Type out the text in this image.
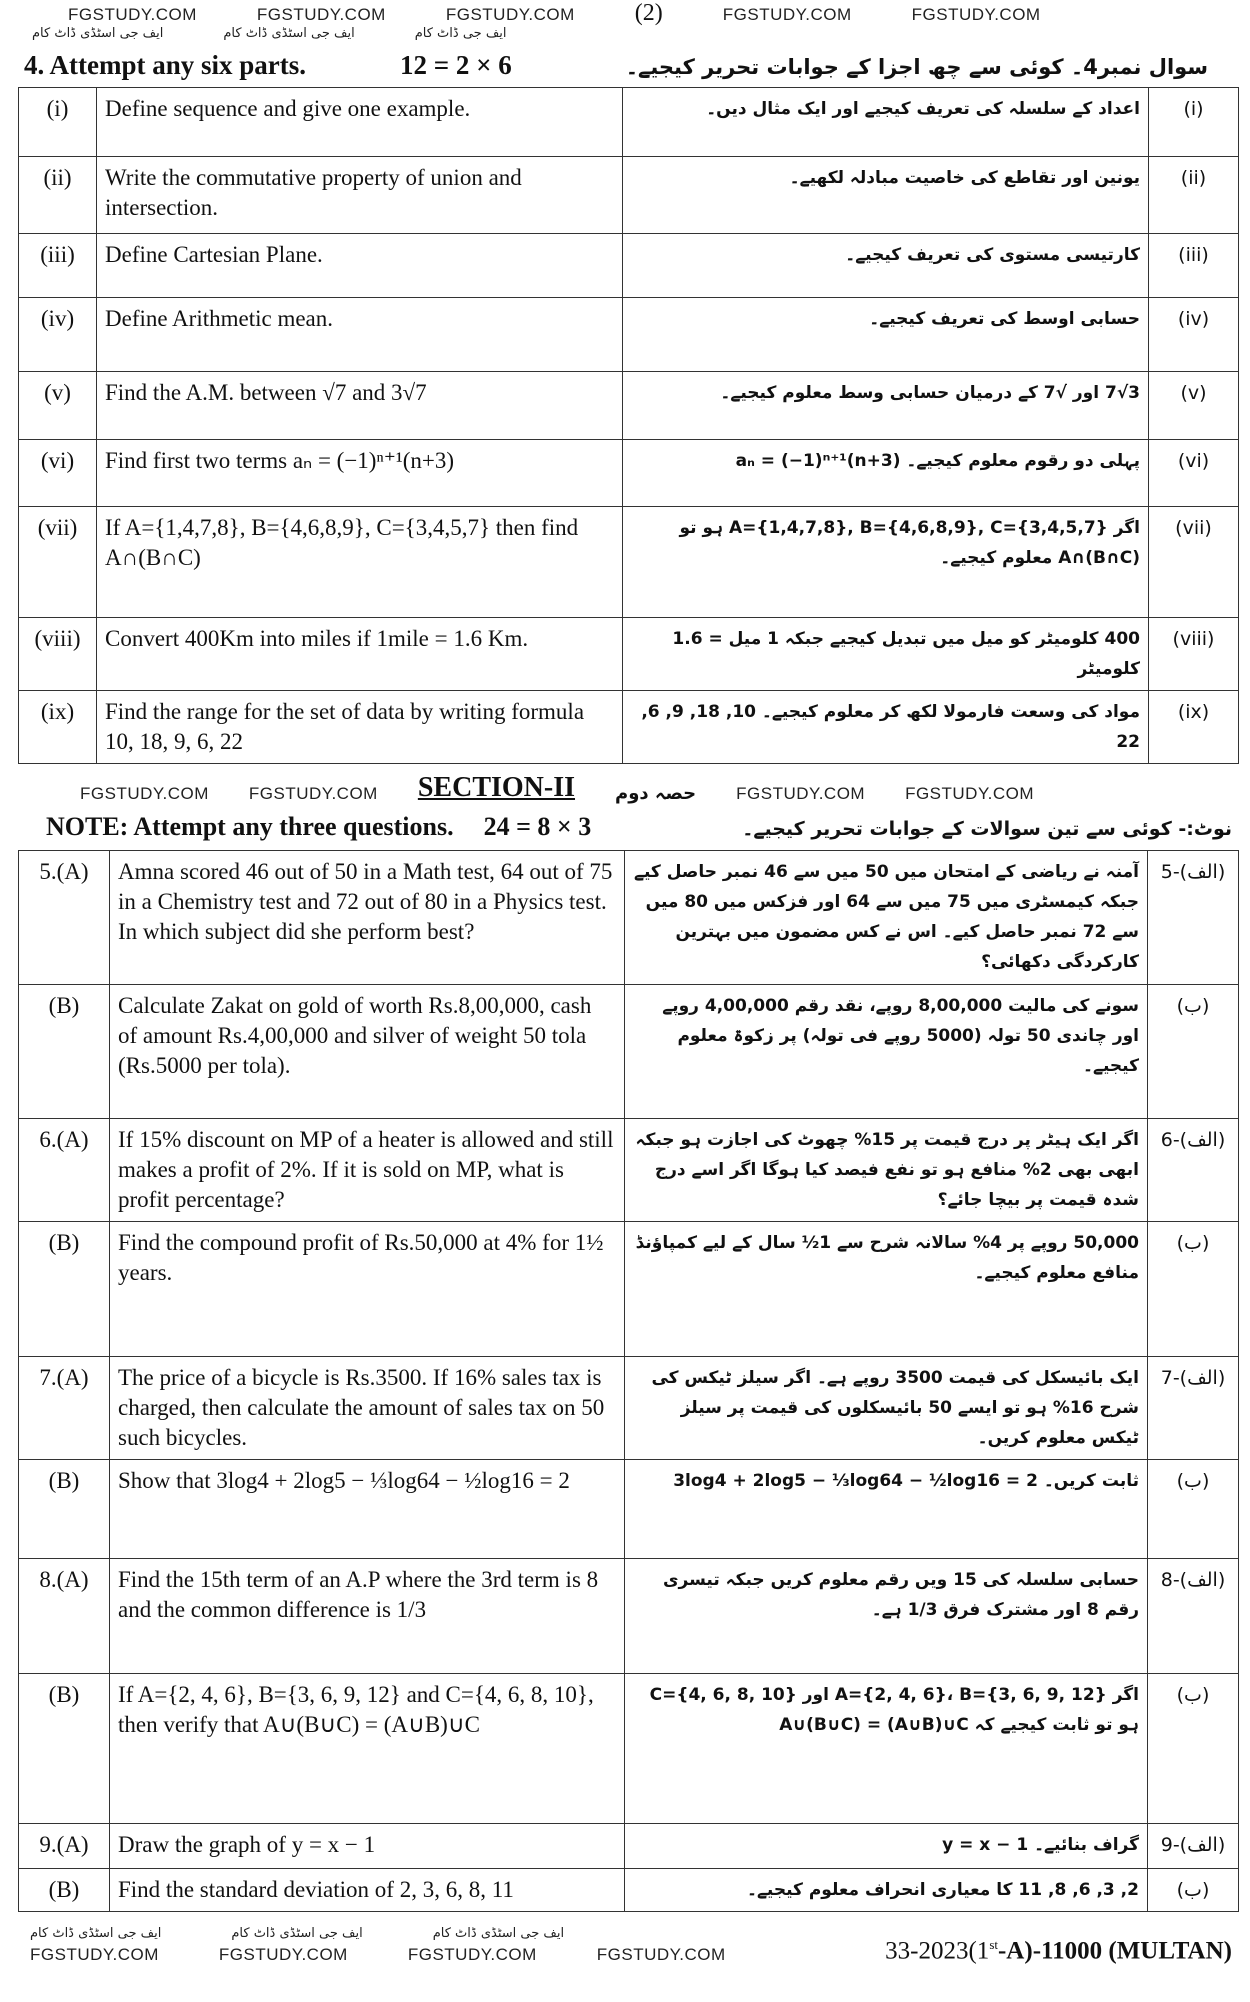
FGSTUDY.COM	FGSTUDY.COM	FGSTUDY.COM	(2)	FGSTUDY.COM	FGSTUDY.COM
ایف جی اسٹڈی ڈاٹ کام	ایف جی اسٹڈی ڈاٹ کام	ایف جی ڈاٹ کام
4. Attempt any six parts.	12 = 2 × 6	سوال نمبر4۔ کوئی سے چھ اجزا کے جوابات تحریر کیجیے۔
(i)	Define sequence and give one example.	اعداد کے سلسلہ کی تعریف کیجیے اور ایک مثال دیں۔	(i)
(ii)	Write the commutative property of union and intersection.	یونین اور تقاطع کی خاصیت مبادلہ لکھیے۔	(ii)
(iii)	Define Cartesian Plane.	کارتیسی مستوی کی تعریف کیجیے۔	(iii)
(iv)	Define Arithmetic mean.	حسابی اوسط کی تعریف کیجیے۔	(iv)
(v)	Find the A.M. between √7 and 3√7	3√7 اور √7 کے درمیان حسابی وسط معلوم کیجیے۔	(v)
(vi)	Find first two terms aₙ = (−1)ⁿ⁺¹(n+3)	پہلی دو رقوم معلوم کیجیے۔ aₙ = (−1)ⁿ⁺¹(n+3)	(vi)
(vii)	If A={1,4,7,8}, B={4,6,8,9}, C={3,4,5,7} then find A∩(B∩C)	اگر A={1,4,7,8}, B={4,6,8,9}, C={3,4,5,7} ہو تو A∩(B∩C) معلوم کیجیے۔	(vii)
(viii)	Convert 400Km into miles if 1mile = 1.6 Km.	400 کلومیٹر کو میل میں تبدیل کیجیے جبکہ 1 میل = 1.6 کلومیٹر	(viii)
(ix)	Find the range for the set of data by writing formula 10, 18, 9, 6, 22	مواد کی وسعت فارمولا لکھ کر معلوم کیجیے۔ 10, 18, 9, 6, 22	(ix)
FGSTUDY.COM FGSTUDY.COM SECTION-II حصہ دوم FGSTUDY.COM FGSTUDY.COM
NOTE: Attempt any three questions. 24 = 8 × 3	نوٹ:- کوئی سے تین سوالات کے جوابات تحریر کیجیے۔
5.(A)	Amna scored 46 out of 50 in a Math test, 64 out of 75 in a Chemistry test and 72 out of 80 in a Physics test. In which subject did she perform best?	آمنہ نے ریاضی کے امتحان میں 50 میں سے 46 نمبر حاصل کیے جبکہ کیمسٹری میں 75 میں سے 64 اور فزکس میں 80 میں سے 72 نمبر حاصل کیے۔ اس نے کس مضمون میں بہترین کارکردگی دکھائی؟	5-(الف)
(B)	Calculate Zakat on gold of worth Rs.8,00,000, cash of amount Rs.4,00,000 and silver of weight 50 tola (Rs.5000 per tola).	سونے کی مالیت 8,00,000 روپے، نقد رقم 4,00,000 روپے اور چاندی 50 تولہ (5000 روپے فی تولہ) پر زکوۃ معلوم کیجیے۔	(ب)
6.(A)	If 15% discount on MP of a heater is allowed and still makes a profit of 2%. If it is sold on MP, what is profit percentage?	اگر ایک ہیٹر پر درج قیمت پر 15% چھوٹ کی اجازت ہو جبکہ ابھی بھی 2% منافع ہو تو نفع فیصد کیا ہوگا اگر اسے درج شدہ قیمت پر بیچا جائے؟	6-(الف)
(B)	Find the compound profit of Rs.50,000 at 4% for 1½ years.	50,000 روپے پر 4% سالانہ شرح سے 1½ سال کے لیے کمپاؤنڈ منافع معلوم کیجیے۔	(ب)
7.(A)	The price of a bicycle is Rs.3500. If 16% sales tax is charged, then calculate the amount of sales tax on 50 such bicycles.	ایک بائیسکل کی قیمت 3500 روپے ہے۔ اگر سیلز ٹیکس کی شرح 16% ہو تو ایسے 50 بائیسکلوں کی قیمت پر سیلز ٹیکس معلوم کریں۔	7-(الف)
(B)	Show that 3log4 + 2log5 − ⅓log64 − ½log16 = 2	ثابت کریں۔ 3log4 + 2log5 − ⅓log64 − ½log16 = 2	(ب)
8.(A)	Find the 15th term of an A.P where the 3rd term is 8 and the common difference is 1/3	حسابی سلسلہ کی 15 ویں رقم معلوم کریں جبکہ تیسری رقم 8 اور مشترک فرق 1/3 ہے۔	8-(الف)
(B)	If A={2, 4, 6}, B={3, 6, 9, 12} and C={4, 6, 8, 10}, then verify that A∪(B∪C) = (A∪B)∪C	اگر A={2, 4, 6}، B={3, 6, 9, 12} اور C={4, 6, 8, 10} ہو تو ثابت کیجیے کہ A∪(B∪C) = (A∪B)∪C	(ب)
9.(A)	Draw the graph of y = x − 1	گراف بنائیے۔ y = x − 1	9-(الف)
(B)	Find the standard deviation of 2, 3, 6, 8, 11	2, 3, 6, 8, 11 کا معیاری انحراف معلوم کیجیے۔	(ب)
ایف جی اسٹڈی ڈاٹ کام	ایف جی اسٹڈی ڈاٹ کام	ایف جی اسٹڈی ڈاٹ کام
FGSTUDY.COM	FGSTUDY.COM	FGSTUDY.COM	FGSTUDY.COM	33-2023(1st-A)-11000 (MULTAN)
